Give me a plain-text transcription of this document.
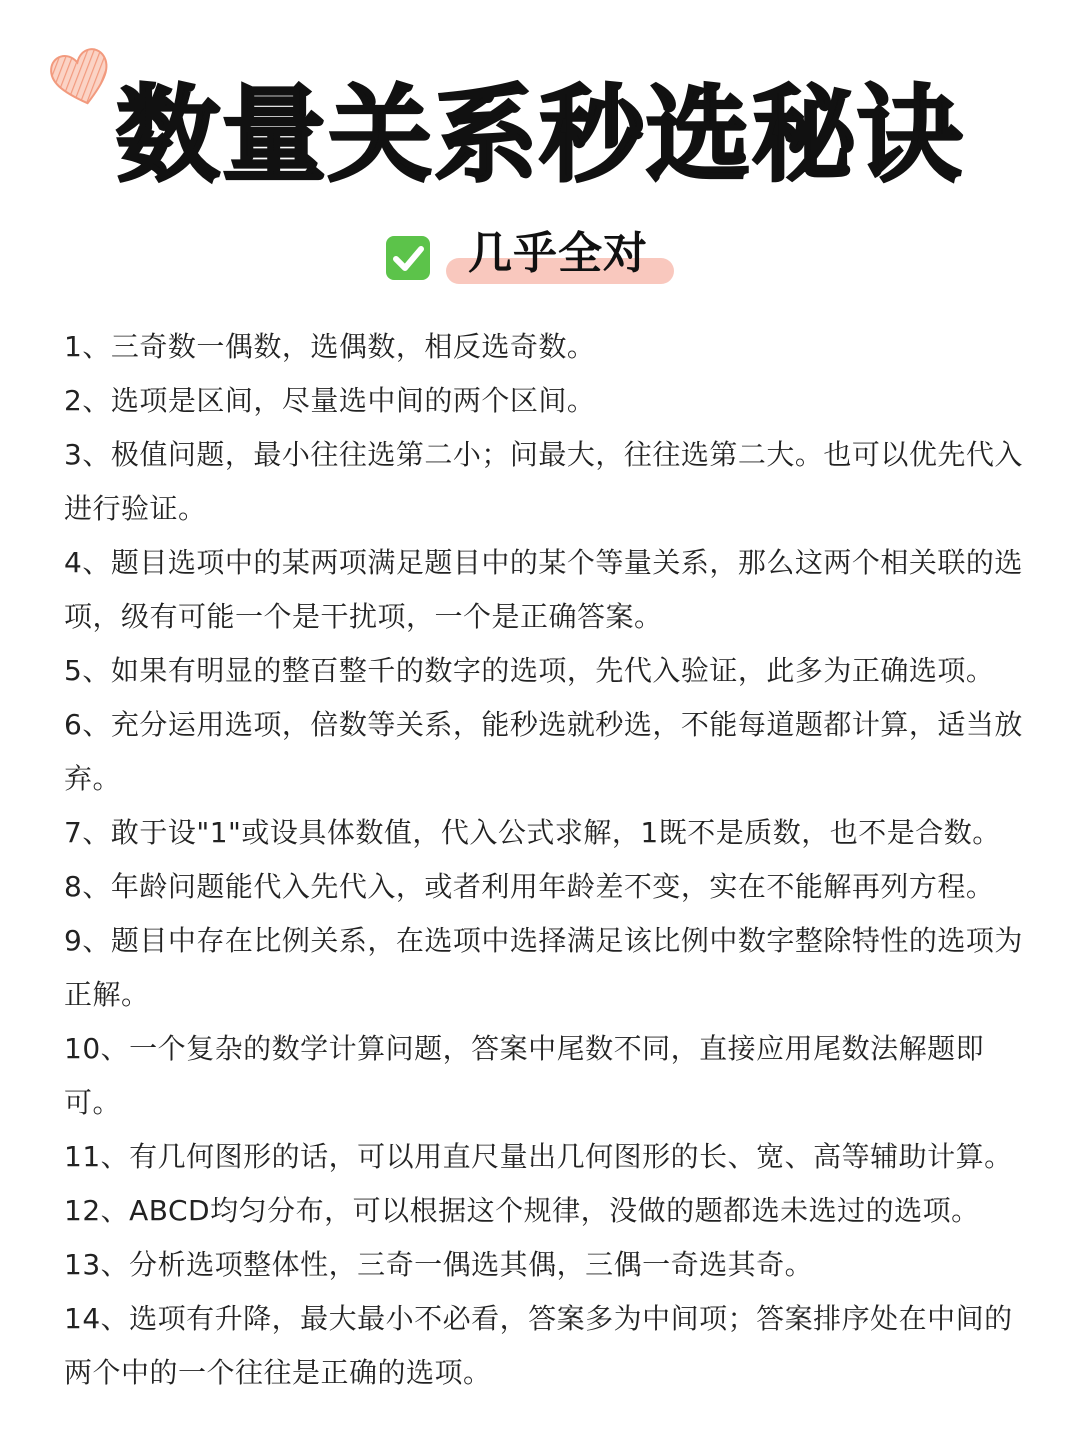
数量关系秒选秘诀
几乎全对
1、三奇数一偶数，选偶数，相反选奇数。
2、选项是区间，尽量选中间的两个区间。
3、极值问题，最小往往选第二小；问最大，往往选第二大。也可以优先代入进行验证。
4、题目选项中的某两项满足题目中的某个等量关系，那么这两个相关联的选项，级有可能一个是干扰项，一个是正确答案。
5、如果有明显的整百整千的数字的选项，先代入验证，此多为正确选项。
6、充分运用选项，倍数等关系，能秒选就秒选，不能每道题都计算，适当放弃。
7、敢于设"1"或设具体数值，代入公式求解，1既不是质数，也不是合数。
8、年龄问题能代入先代入，或者利用年龄差不变，实在不能解再列方程。
9、题目中存在比例关系，在选项中选择满足该比例中数字整除特性的选项为正解。
10、一个复杂的数学计算问题，答案中尾数不同，直接应用尾数法解题即可。
11、有几何图形的话，可以用直尺量出几何图形的长、宽、高等辅助计算。
12、ABCD均匀分布，可以根据这个规律，没做的题都选未选过的选项。
13、分析选项整体性，三奇一偶选其偶，三偶一奇选其奇。
14、选项有升降，最大最小不必看，答案多为中间项；答案排序处在中间的两个中的一个往往是正确的选项。
